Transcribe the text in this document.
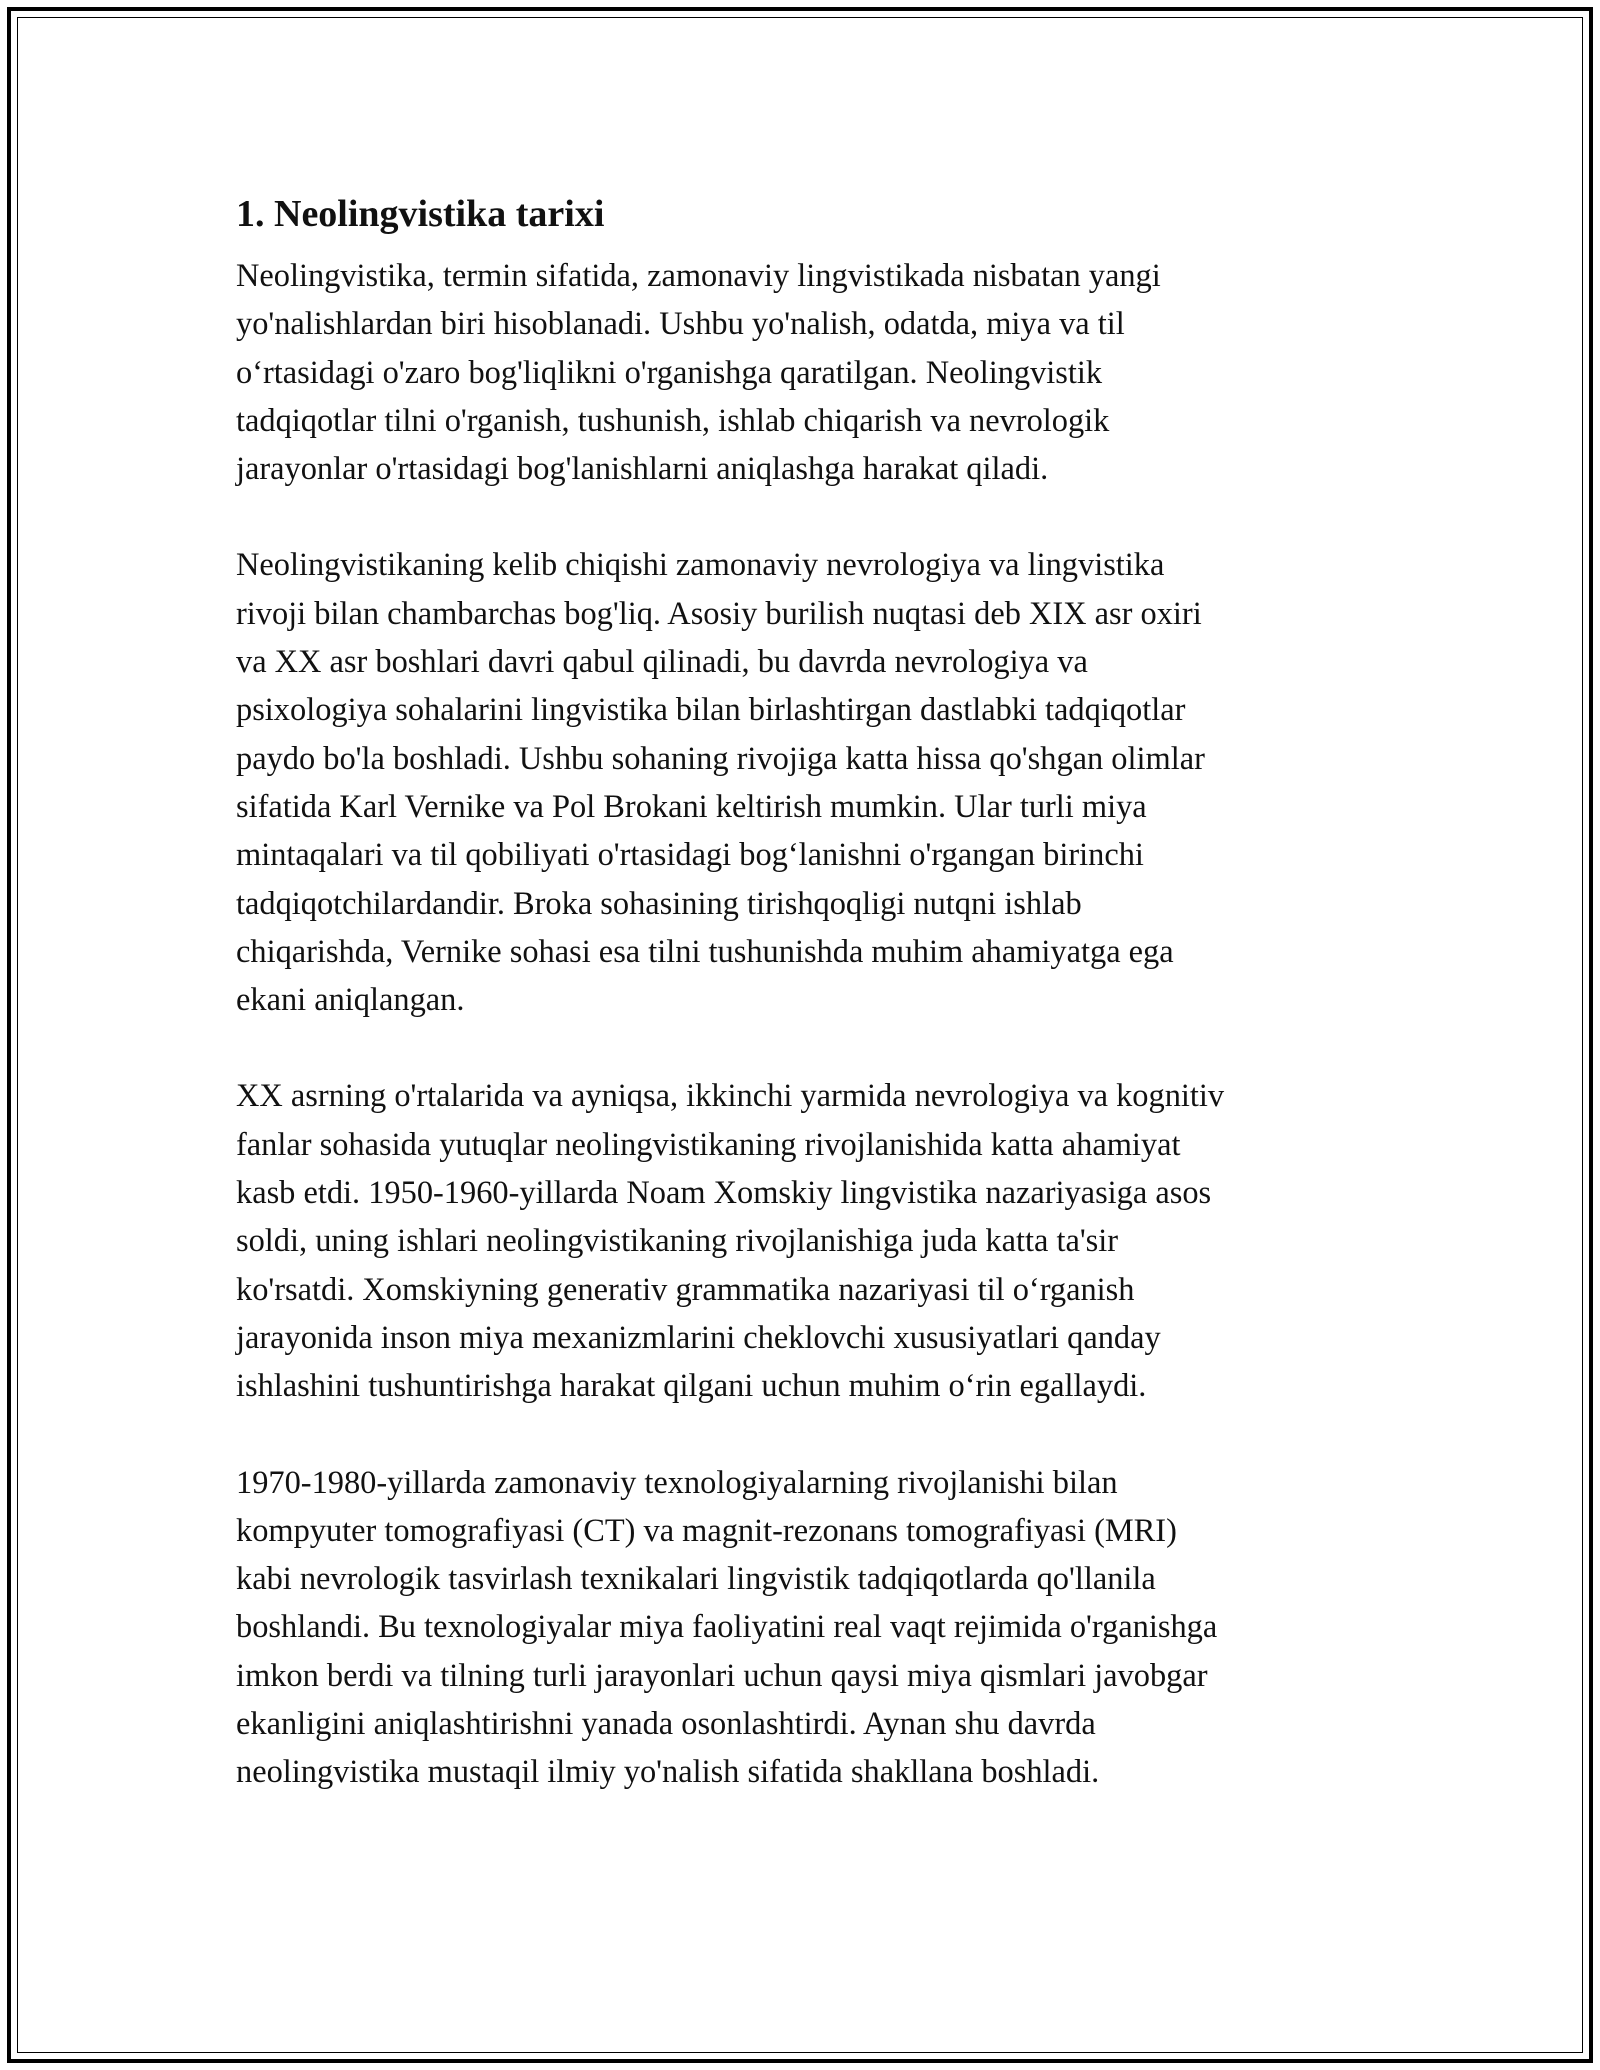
1. Neolingvistika tarixi
Neolingvistika, termin sifatida, zamonaviy lingvistikada nisbatan yangi
yo'nalishlardan biri hisoblanadi. Ushbu yo'nalish, odatda, miya va til
o‘rtasidagi o'zaro bog'liqlikni o'rganishga qaratilgan. Neolingvistik
tadqiqotlar tilni o'rganish, tushunish, ishlab chiqarish va nevrologik
jarayonlar o'rtasidagi bog'lanishlarni aniqlashga harakat qiladi.
Neolingvistikaning kelib chiqishi zamonaviy nevrologiya va lingvistika
rivoji bilan chambarchas bog'liq. Asosiy burilish nuqtasi deb XIX asr oxiri
va XX asr boshlari davri qabul qilinadi, bu davrda nevrologiya va
psixologiya sohalarini lingvistika bilan birlashtirgan dastlabki tadqiqotlar
paydo bo'la boshladi. Ushbu sohaning rivojiga katta hissa qo'shgan olimlar
sifatida Karl Vernike va Pol Brokani keltirish mumkin. Ular turli miya
mintaqalari va til qobiliyati o'rtasidagi bog‘lanishni o'rgangan birinchi
tadqiqotchilardandir. Broka sohasining tirishqoqligi nutqni ishlab
chiqarishda, Vernike sohasi esa tilni tushunishda muhim ahamiyatga ega
ekani aniqlangan.
XX asrning o'rtalarida va ayniqsa, ikkinchi yarmida nevrologiya va kognitiv
fanlar sohasida yutuqlar neolingvistikaning rivojlanishida katta ahamiyat
kasb etdi. 1950-1960-yillarda Noam Xomskiy lingvistika nazariyasiga asos
soldi, uning ishlari neolingvistikaning rivojlanishiga juda katta ta'sir
ko'rsatdi. Xomskiyning generativ grammatika nazariyasi til o‘rganish
jarayonida inson miya mexanizmlarini cheklovchi xususiyatlari qanday
ishlashini tushuntirishga harakat qilgani uchun muhim o‘rin egallaydi.
1970-1980-yillarda zamonaviy texnologiyalarning rivojlanishi bilan
kompyuter tomografiyasi (CT) va magnit-rezonans tomografiyasi (MRI)
kabi nevrologik tasvirlash texnikalari lingvistik tadqiqotlarda qo'llanila
boshlandi. Bu texnologiyalar miya faoliyatini real vaqt rejimida o'rganishga
imkon berdi va tilning turli jarayonlari uchun qaysi miya qismlari javobgar
ekanligini aniqlashtirishni yanada osonlashtirdi. Aynan shu davrda
neolingvistika mustaqil ilmiy yo'nalish sifatida shakllana boshladi.
